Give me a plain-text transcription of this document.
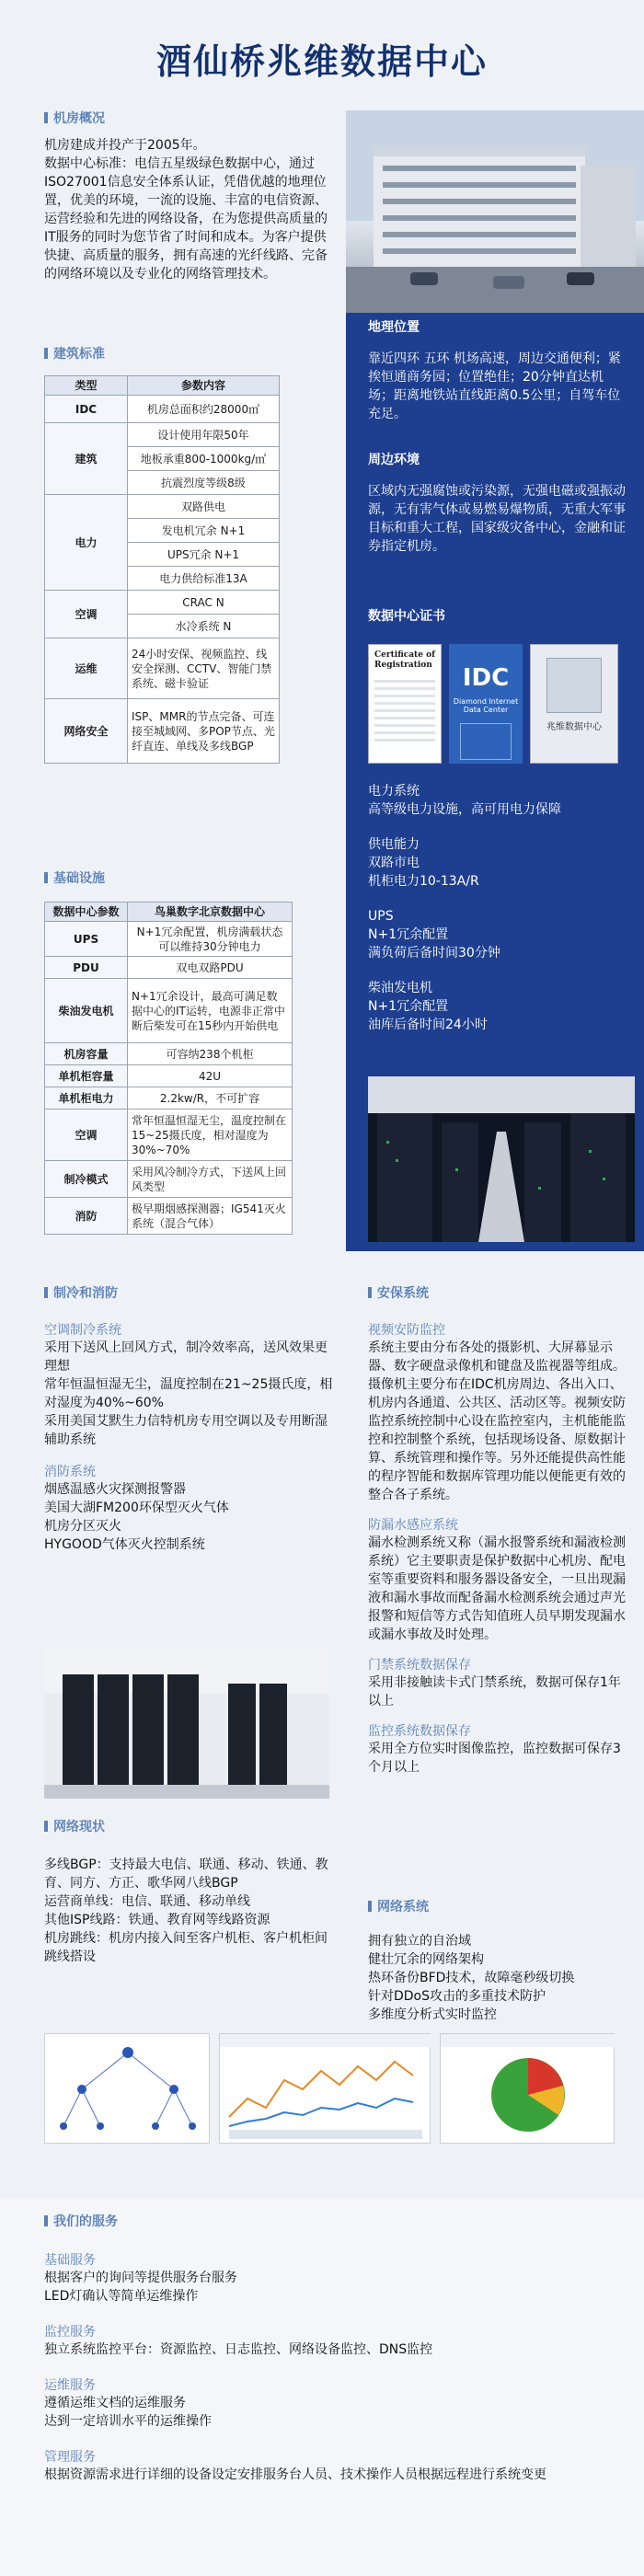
酒仙桥兆维数据中心
地理位置
靠近四环 五环 机场高速，周边交通便利；紧挨恒通商务园；位置绝佳；20分钟直达机场；距离地铁站直线距离0.5公里；自驾车位充足。
周边环境
区域内无强腐蚀或污染源，无强电磁或强振动源，无有害气体或易燃易爆物质，无重大军事目标和重大工程，国家级灾备中心，金融和证券指定机房。
数据中心证书
Certificate of Registration	IDC
Diamond Internet Data Center
兆维数据中心
电力系统
高等级电力设施，高可用电力保障
供电能力
双路市电
机柜电力10-13A/R
UPS
N+1冗余配置
满负荷后备时间30分钟
柴油发电机
N+1冗余配置
油库后备时间24小时
机房概况
机房建成并投产于2005年。
数据中心标准：电信五星级绿色数据中心，通过ISO27001信息安全体系认证，凭借优越的地理位置，优美的环境，一流的设施、丰富的电信资源、运营经验和先进的网络设备，在为您提供高质量的IT服务的同时为您节省了时间和成本。为客户提供快捷、高质量的服务，拥有高速的光纤线路、完备的网络环境以及专业化的网络管理技术。
建筑标准
类型	参数内容
IDC	机房总面积约28000㎡
建筑	设计使用年限50年
	地板承重800-1000kg/㎡
	抗震烈度等级8级
电力	双路供电
	发电机冗余 N+1
	UPS冗余 N+1
	电力供给标准13A
空调	CRAC N
	水冷系统 N
运维	24小时安保、视频监控、线安全探测、CCTV、智能门禁系统、磁卡验证
网络安全	ISP、MMR的节点完备、可连接至城域网、多POP节点、光纤直连、单线及多线BGP
基础设施
数据中心参数	鸟巢数字北京数据中心
UPS	N+1冗余配置，机房满载状态可以维持30分钟电力
PDU	双电双路PDU
柴油发电机	N+1冗余设计，最高可满足数据中心的IT运转，电源非正常中断后柴发可在15秒内开始供电
机房容量	可容纳238个机柜
单机柜容量	42U
单机柜电力	2.2kw/R，不可扩容
空调	常年恒温恒湿无尘，温度控制在15~25摄氏度，相对湿度为30%~70%
制冷模式	采用风冷制冷方式，下送风上回风类型
消防	极早期烟感探测器；IG541灭火系统（混合气体）
制冷和消防
空调制冷系统
采用下送风上回风方式，制冷效率高，送风效果更理想
常年恒温恒湿无尘，温度控制在21~25摄氏度，相对湿度为40%~60%
采用美国艾默生力信特机房专用空调以及专用断湿辅助系统
消防系统
烟感温感火灾探测报警器
美国大湖FM200环保型灭火气体
机房分区灭火
HYGOOD气体灭火控制系统
网络现状
多线BGP：支持最大电信、联通、移动、铁通、教育、同方、方正、歌华网八线BGP
运营商单线：电信、联通、移动单线
其他ISP线路：铁通、教育网等线路资源
机房跳线：机房内接入间至客户机柜、客户机柜间跳线搭设
安保系统
视频安防监控
系统主要由分布各处的摄影机、大屏幕显示器、数字硬盘录像机和键盘及监视器等组成。摄像机主要分布在IDC机房周边、各出入口、机房内各通道、公共区、活动区等。视频安防监控系统控制中心设在监控室内，主机能能监控和控制整个系统，包括现场设备、原数据计算、系统管理和操作等。另外还能提供高性能的程序智能和数据库管理功能以便能更有效的整合各子系统。
防漏水感应系统
漏水检测系统又称（漏水报警系统和漏液检测系统）它主要职责是保护数据中心机房、配电室等重要资料和服务器设备安全，一旦出现漏液和漏水事故而配备漏水检测系统会通过声光报警和短信等方式告知值班人员早期发现漏水或漏水事故及时处理。
门禁系统数据保存
采用非接触读卡式门禁系统，数据可保存1年以上
监控系统数据保存
采用全方位实时图像监控，监控数据可保存3个月以上
网络系统
拥有独立的自治域
健壮冗余的网络架构
热环备份BFD技术，故障毫秒级切换
针对DDoS攻击的多重技术防护
多维度分析式实时监控
我们的服务
基础服务
根据客户的询问等提供服务台服务
LED灯确认等简单运维操作
监控服务
独立系统监控平台：资源监控、日志监控、网络设备监控、DNS监控
运维服务
遵循运维文档的运维服务
达到一定培训水平的运维操作
管理服务
根据资源需求进行详细的设备设定安排服务台人员、技术操作人员根据远程进行系统变更
